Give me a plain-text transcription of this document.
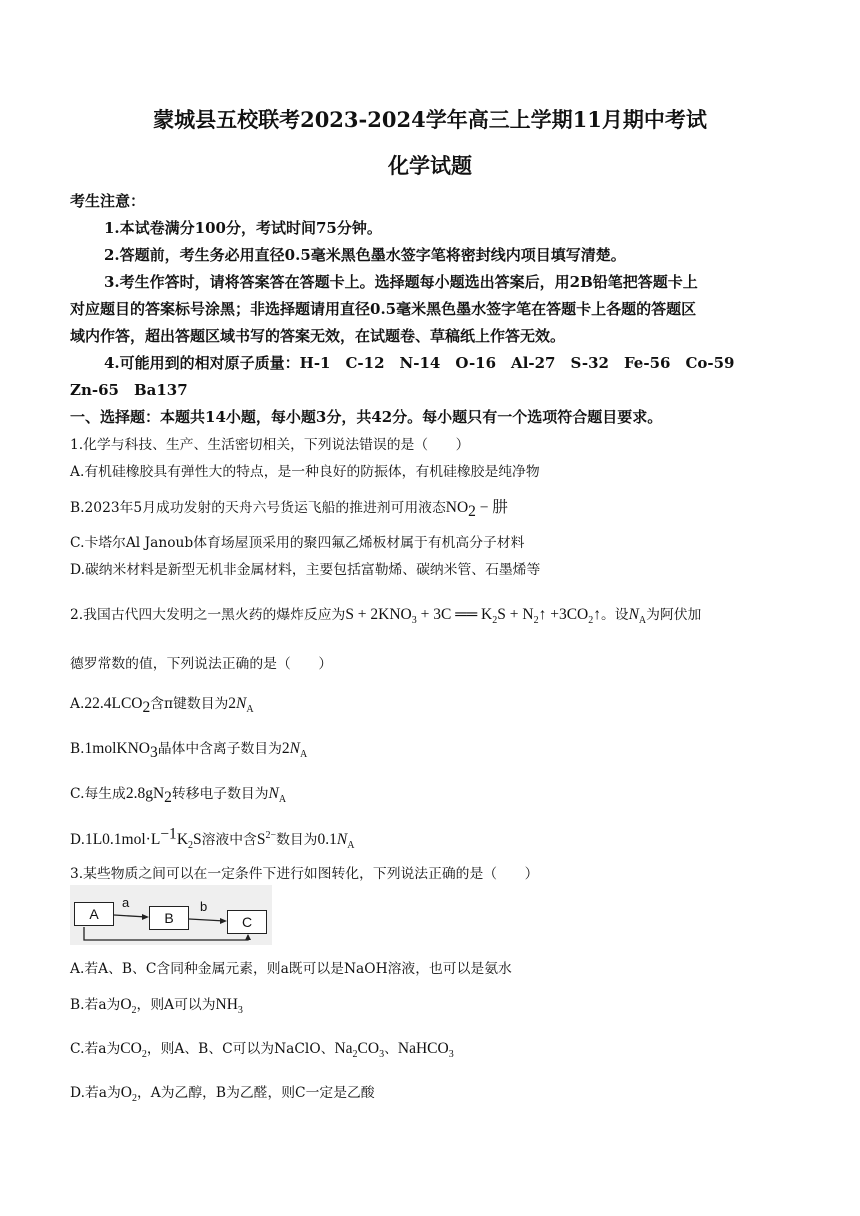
蒙城县五校联考2023-2024学年高三上学期11月期中考试
化学试题
考生注意：
1.本试卷满分100分，考试时间75分钟。
2.答题前，考生务必用直径0.5毫米黑色墨水签字笔将密封线内项目填写清楚。
3.考生作答时，请将答案答在答题卡上。选择题每小题选出答案后，用2B铅笔把答题卡上
对应题目的答案标号涂黑；非选择题请用直径0.5毫米黑色墨水签字笔在答题卡上各题的答题区
域内作答，超出答题区域书写的答案无效，在试题卷、草稿纸上作答无效。
4.可能用到的相对原子质量：H-1　C-12　N-14　O-16　Al-27　S-32　Fe-56　Co-59
Zn-65　Ba137
一、选择题：本题共14小题，每小题3分，共42分。每小题只有一个选项符合题目要求。
1.化学与科技、生产、生活密切相关，下列说法错误的是（　　）
A.有机硅橡胶具有弹性大的特点，是一种良好的防振体，有机硅橡胶是纯净物
B.2023年5月成功发射的天舟六号货运飞船的推进剂可用液态$NO_2$ − 肼
C.卡塔尔Al Janoub体育场屋顶采用的聚四氟乙烯板材属于有机高分子材料
D.碳纳米材料是新型无机非金属材料，主要包括富勒烯、碳纳米管、石墨烯等
2.我国古代四大发明之一黑火药的爆炸反应为$S + 2KNO_3 + 3C$ ══ $K_2S$ + $N_2↑$ $+3CO_2↑$。设$N_A$为阿伏加
德罗常数的值，下列说法正确的是（　　）
$A.22.4LCO_2$含π键数目为$2N_A$
B.1molKNO$_3$晶体中含离子数目为$2N_A$
C.每生成$2.8gN_2$转移电子数目为$N_A$
$D.1L0.1mol\cdot L^{-1}K_2S$溶液中含$S^{2-}$数目为$0.1N_A$
3.某些物质之间可以在一定条件下进行如图转化，下列说法正确的是（　　）
A	B	C
a	b
A.若A、B、C含同种金属元素，则a既可以是NaOH溶液，也可以是氨水
B.若a为$O_2$，则A可以为$NH_3$
C.若a为$CO_2$，则A、B、C可以为NaClO、$Na_2CO_3$、NaHCO$_3$
D.若a为$O_2$，A为乙醇，B为乙醛，则C一定是乙酸
